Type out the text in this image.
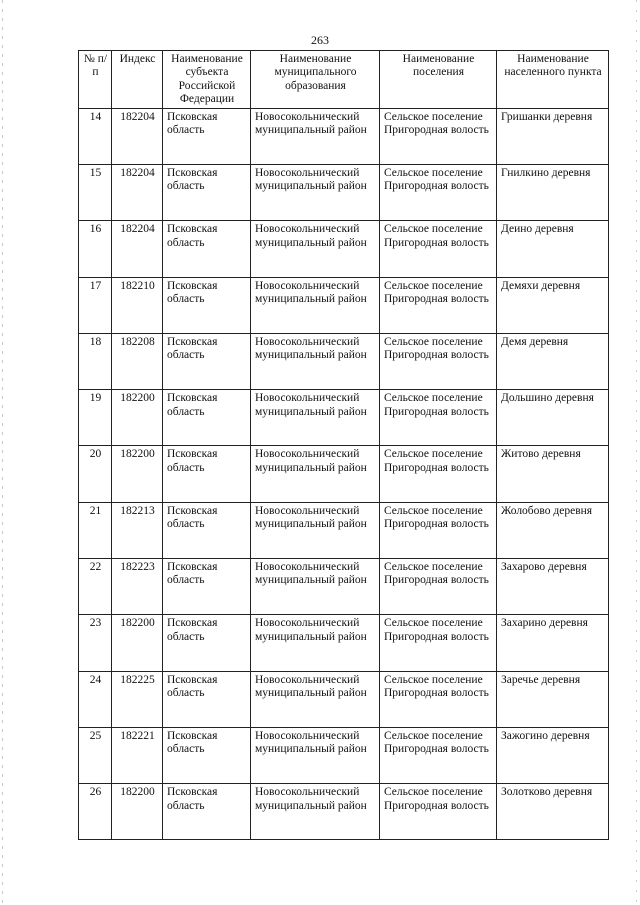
263
№ п/п	Индекс	Наименование субъекта Российской Федерации	Наименование муниципального образования	Наименование поселения	Наименование населенного пункта
14	182204	Псковская область	Новосокольнический муниципальный район	Сельское поселение Пригородная волость	Гришанки деревня
15	182204	Псковская область	Новосокольнический муниципальный район	Сельское поселение Пригородная волость	Гнилкино деревня
16	182204	Псковская область	Новосокольнический муниципальный район	Сельское поселение Пригородная волость	Деино деревня
17	182210	Псковская область	Новосокольнический муниципальный район	Сельское поселение Пригородная волость	Демяхи деревня
18	182208	Псковская область	Новосокольнический муниципальный район	Сельское поселение Пригородная волость	Демя деревня
19	182200	Псковская область	Новосокольнический муниципальный район	Сельское поселение Пригородная волость	Дольшино деревня
20	182200	Псковская область	Новосокольнический муниципальный район	Сельское поселение Пригородная волость	Житово деревня
21	182213	Псковская область	Новосокольнический муниципальный район	Сельское поселение Пригородная волость	Жолобово деревня
22	182223	Псковская область	Новосокольнический муниципальный район	Сельское поселение Пригородная волость	Захарово деревня
23	182200	Псковская область	Новосокольнический муниципальный район	Сельское поселение Пригородная волость	Захарино деревня
24	182225	Псковская область	Новосокольнический муниципальный район	Сельское поселение Пригородная волость	Заречье деревня
25	182221	Псковская область	Новосокольнический муниципальный район	Сельское поселение Пригородная волость	Зажогино деревня
26	182200	Псковская область	Новосокольнический муниципальный район	Сельское поселение Пригородная волость	Золотково деревня
